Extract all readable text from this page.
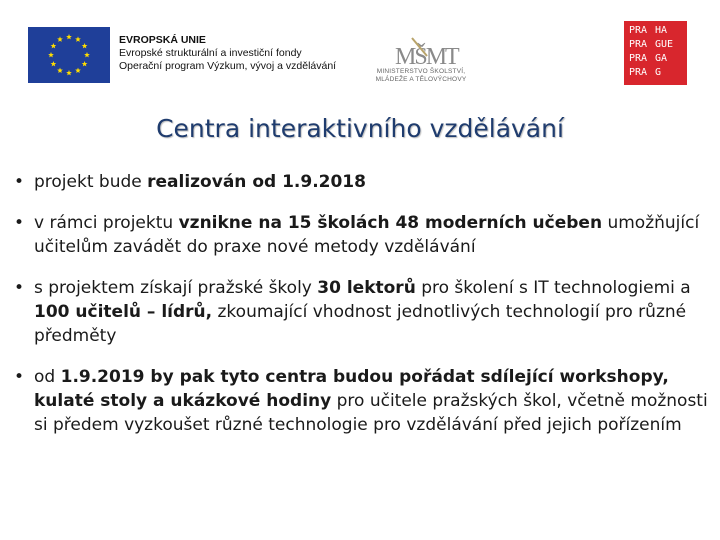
EVROPSKÁ UNIE
Evropské strukturální a investiční fondy
Operační program Výzkum, vývoj a vzdělávání MŠMT
MINISTERSTVO ŠKOLSTVÍ,
MLÁDEŽE A TĚLOVÝCHOVY
PRA HA
PRA GUE
PRA GA
PRA G
Centra interaktivního vzdělávání
• projekt bude realizován od 1.9.2018
• v rámci projektu vznikne na 15 školách 48 moderních učeben umožňující učitelům zavádět do praxe nové metody vzdělávání
• s projektem získají pražské školy 30 lektorů pro školení s IT technologiemi a 100 učitelů – lídrů, zkoumající vhodnost jednotlivých technologií pro různé předměty
• od 1.9.2019 by pak tyto centra budou pořádat sdílející workshopy, kulaté stoly a ukázkové hodiny pro učitele pražských škol, včetně možnosti si předem vyzkoušet různé technologie pro vzdělávání před jejich pořízením
